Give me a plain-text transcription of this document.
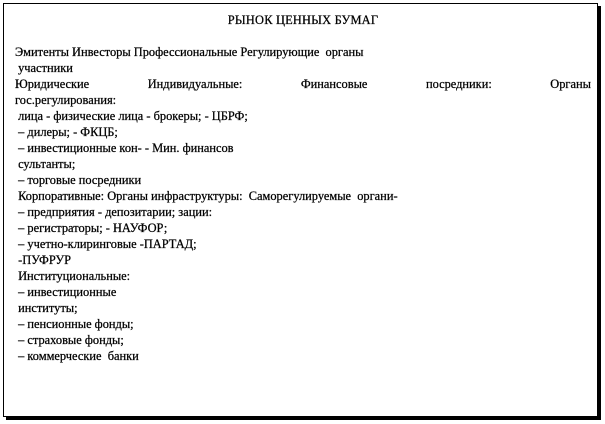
РЫНОК ЦЕННЫХ БУМАГ
Эмитенты Инвесторы Профессиональные Регулирующие  органы
участники
Юридические	Индивидуальные:	Финансовые	посредники:	Органы
гос.регулирования:
лица - физические лица - брокеры; - ЦБРФ;
– дилеры; - ФКЦБ;
– инвестиционные кон- - Мин. финансов
сультанты;
– торговые посредники
Корпоративные: Органы инфраструктуры:  Саморегулируемые  органи-
– предприятия - депозитарии; зации:
– регистраторы; - НАУФОР;
– учетно-клиринговые -ПАРТАД;
-ПУФРУР
Институциональные:
– инвестиционные
институты;
– пенсионные фонды;
– страховые фонды;
– коммерческие  банки
